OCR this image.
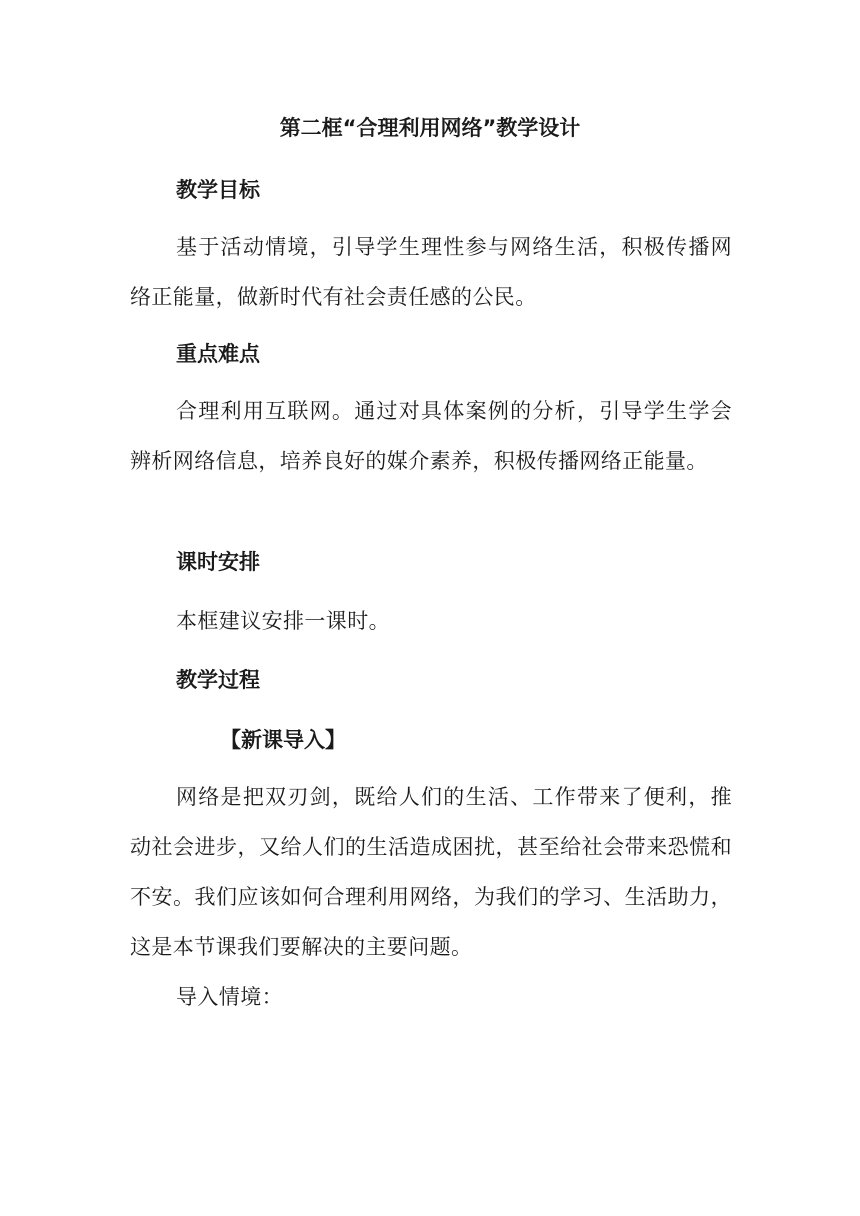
第二框“合理利用网络”教学设计
教学目标
基于活动情境，引导学生理性参与网络生活，积极传播网络正能量，做新时代有社会责任感的公民。
重点难点
合理利用互联网。通过对具体案例的分析，引导学生学会辨析网络信息，培养良好的媒介素养，积极传播网络正能量。
课时安排
本框建议安排一课时。
教学过程
【新课导入】
网络是把双刃剑，既给人们的生活、工作带来了便利，推动社会进步，又给人们的生活造成困扰，甚至给社会带来恐慌和不安。我们应该如何合理利用网络，为我们的学习、生活助力，这是本节课我们要解决的主要问题。
导入情境：
